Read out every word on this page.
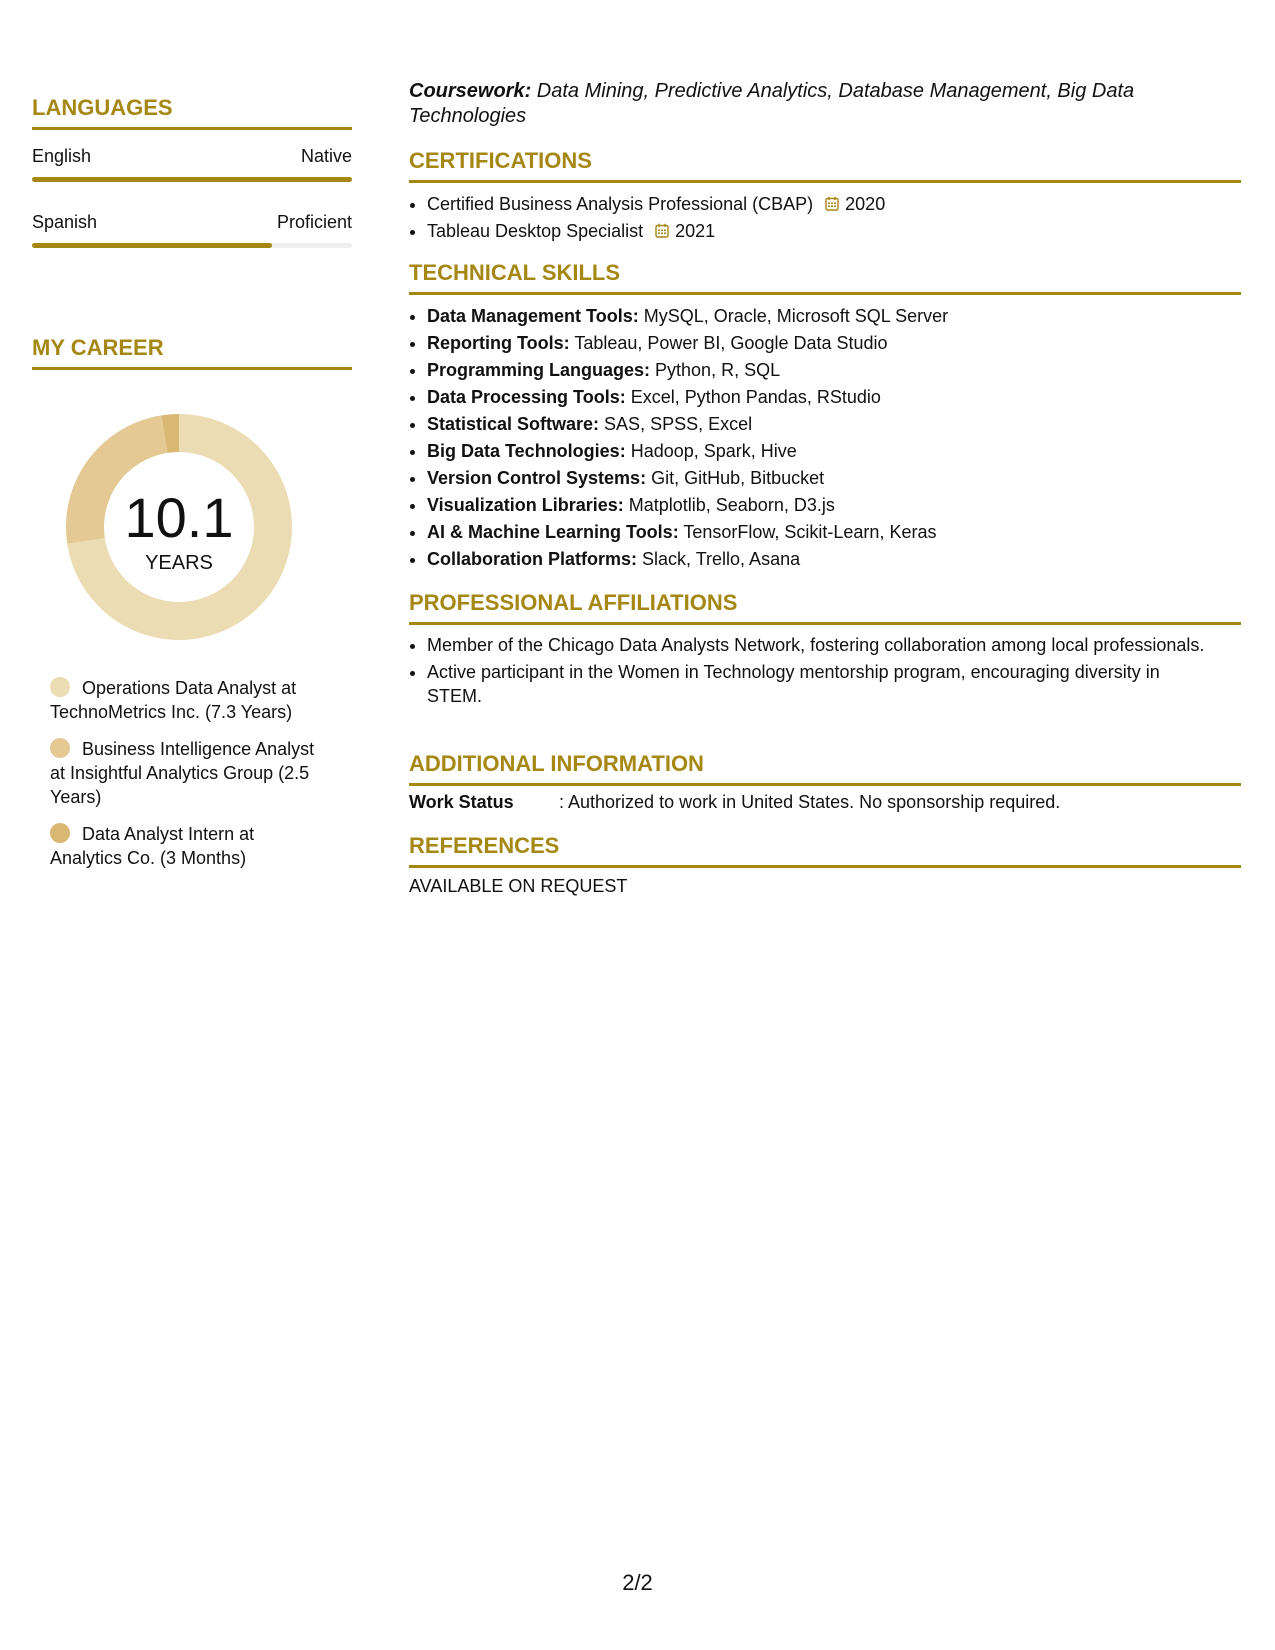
LANGUAGES
English	Native
Spanish	Proficient
MY CAREER
10.1
YEARS
Operations Data Analyst at TechnoMetrics Inc. (7.3 Years)
Business Intelligence Analyst at Insightful Analytics Group (2.5 Years)
Data Analyst Intern at Analytics Co. (3 Months)
Coursework: Data Mining, Predictive Analytics, Database Management, Big Data Technologies
CERTIFICATIONS
• Certified Business Analysis Professional (CBAP) 2020
• Tableau Desktop Specialist 2021
TECHNICAL SKILLS
• Data Management Tools: MySQL, Oracle, Microsoft SQL Server
• Reporting Tools: Tableau, Power BI, Google Data Studio
• Programming Languages: Python, R, SQL
• Data Processing Tools: Excel, Python Pandas, RStudio
• Statistical Software: SAS, SPSS, Excel
• Big Data Technologies: Hadoop, Spark, Hive
• Version Control Systems: Git, GitHub, Bitbucket
• Visualization Libraries: Matplotlib, Seaborn, D3.js
• AI & Machine Learning Tools: TensorFlow, Scikit-Learn, Keras
• Collaboration Platforms: Slack, Trello, Asana
PROFESSIONAL AFFILIATIONS
• Member of the Chicago Data Analysts Network, fostering collaboration among local professionals.
• Active participant in the Women in Technology mentorship program, encouraging diversity in STEM.
ADDITIONAL INFORMATION
Work Status	: Authorized to work in United States. No sponsorship required.
REFERENCES
AVAILABLE ON REQUEST
2/2
